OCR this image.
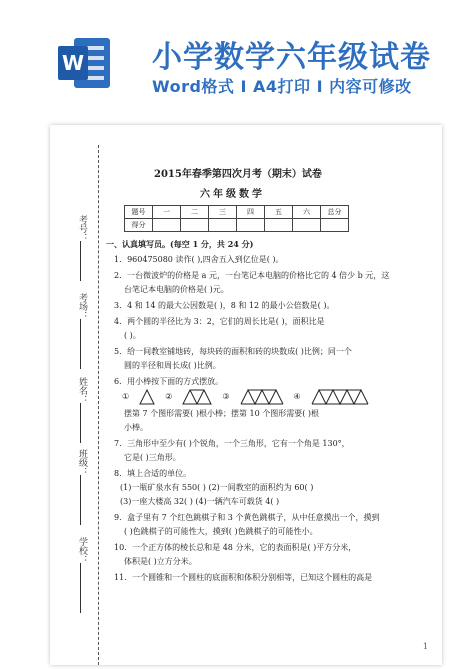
W 小学数学六年级试卷
Word格式 I A4打印 I 内容可修改
考号：
考场：
姓名：
班级：
学校：
2015年春季第四次月考（期末）试卷
六年级数学
题号	一	二	三	四	五	六	总分
得分							
一、认真填写员。(每空 1 分，共 24 分)
1．960475080 读作( ),四舍五入到亿位是( )。
2．一台微波炉的价格是 a 元，一台笔记本电脑的价格比它的 4 倍少 b 元，这
台笔记本电脑的价格是( )元。
3．4 和 14 的最大公因数是( )，8 和 12 的最小公倍数是( )。
4．两个圆的半径比为 3：2，它们的周长比是( )，面积比是
( )。
5．给一间教室铺地砖，每块砖的面积和砖的块数成( )比例；同一个
圆的半径和周长成( )比例。
6．用小棒按下面的方式摆放。
①	②	③	④
摆第 7 个图形需要( )根小棒；摆第 10 个图形需要( )根
小棒。
7．三角形中至少有( )个锐角，一个三角形，它有一个角是 130°，
它是( )三角形。
8．填上合适的单位。
(1)一瓶矿泉水有 550( ) (2)一间教室的面积约为 60( )
(3)一座大楼高 32( ) (4)一辆汽车可载货 4( )
9．盒子里有 7 个红色跳棋子和 3 个黄色跳棋子，从中任意摸出一个，摸到
( )色跳棋子的可能性大，摸到( )色跳棋子的可能性小。
10．一个正方体的棱长总和是 48 分米，它的表面积是( )平方分米，
体积是( )立方分米。
11．一个圆锥和一个圆柱的底面积和体积分别相等，已知这个圆柱的高是
1
